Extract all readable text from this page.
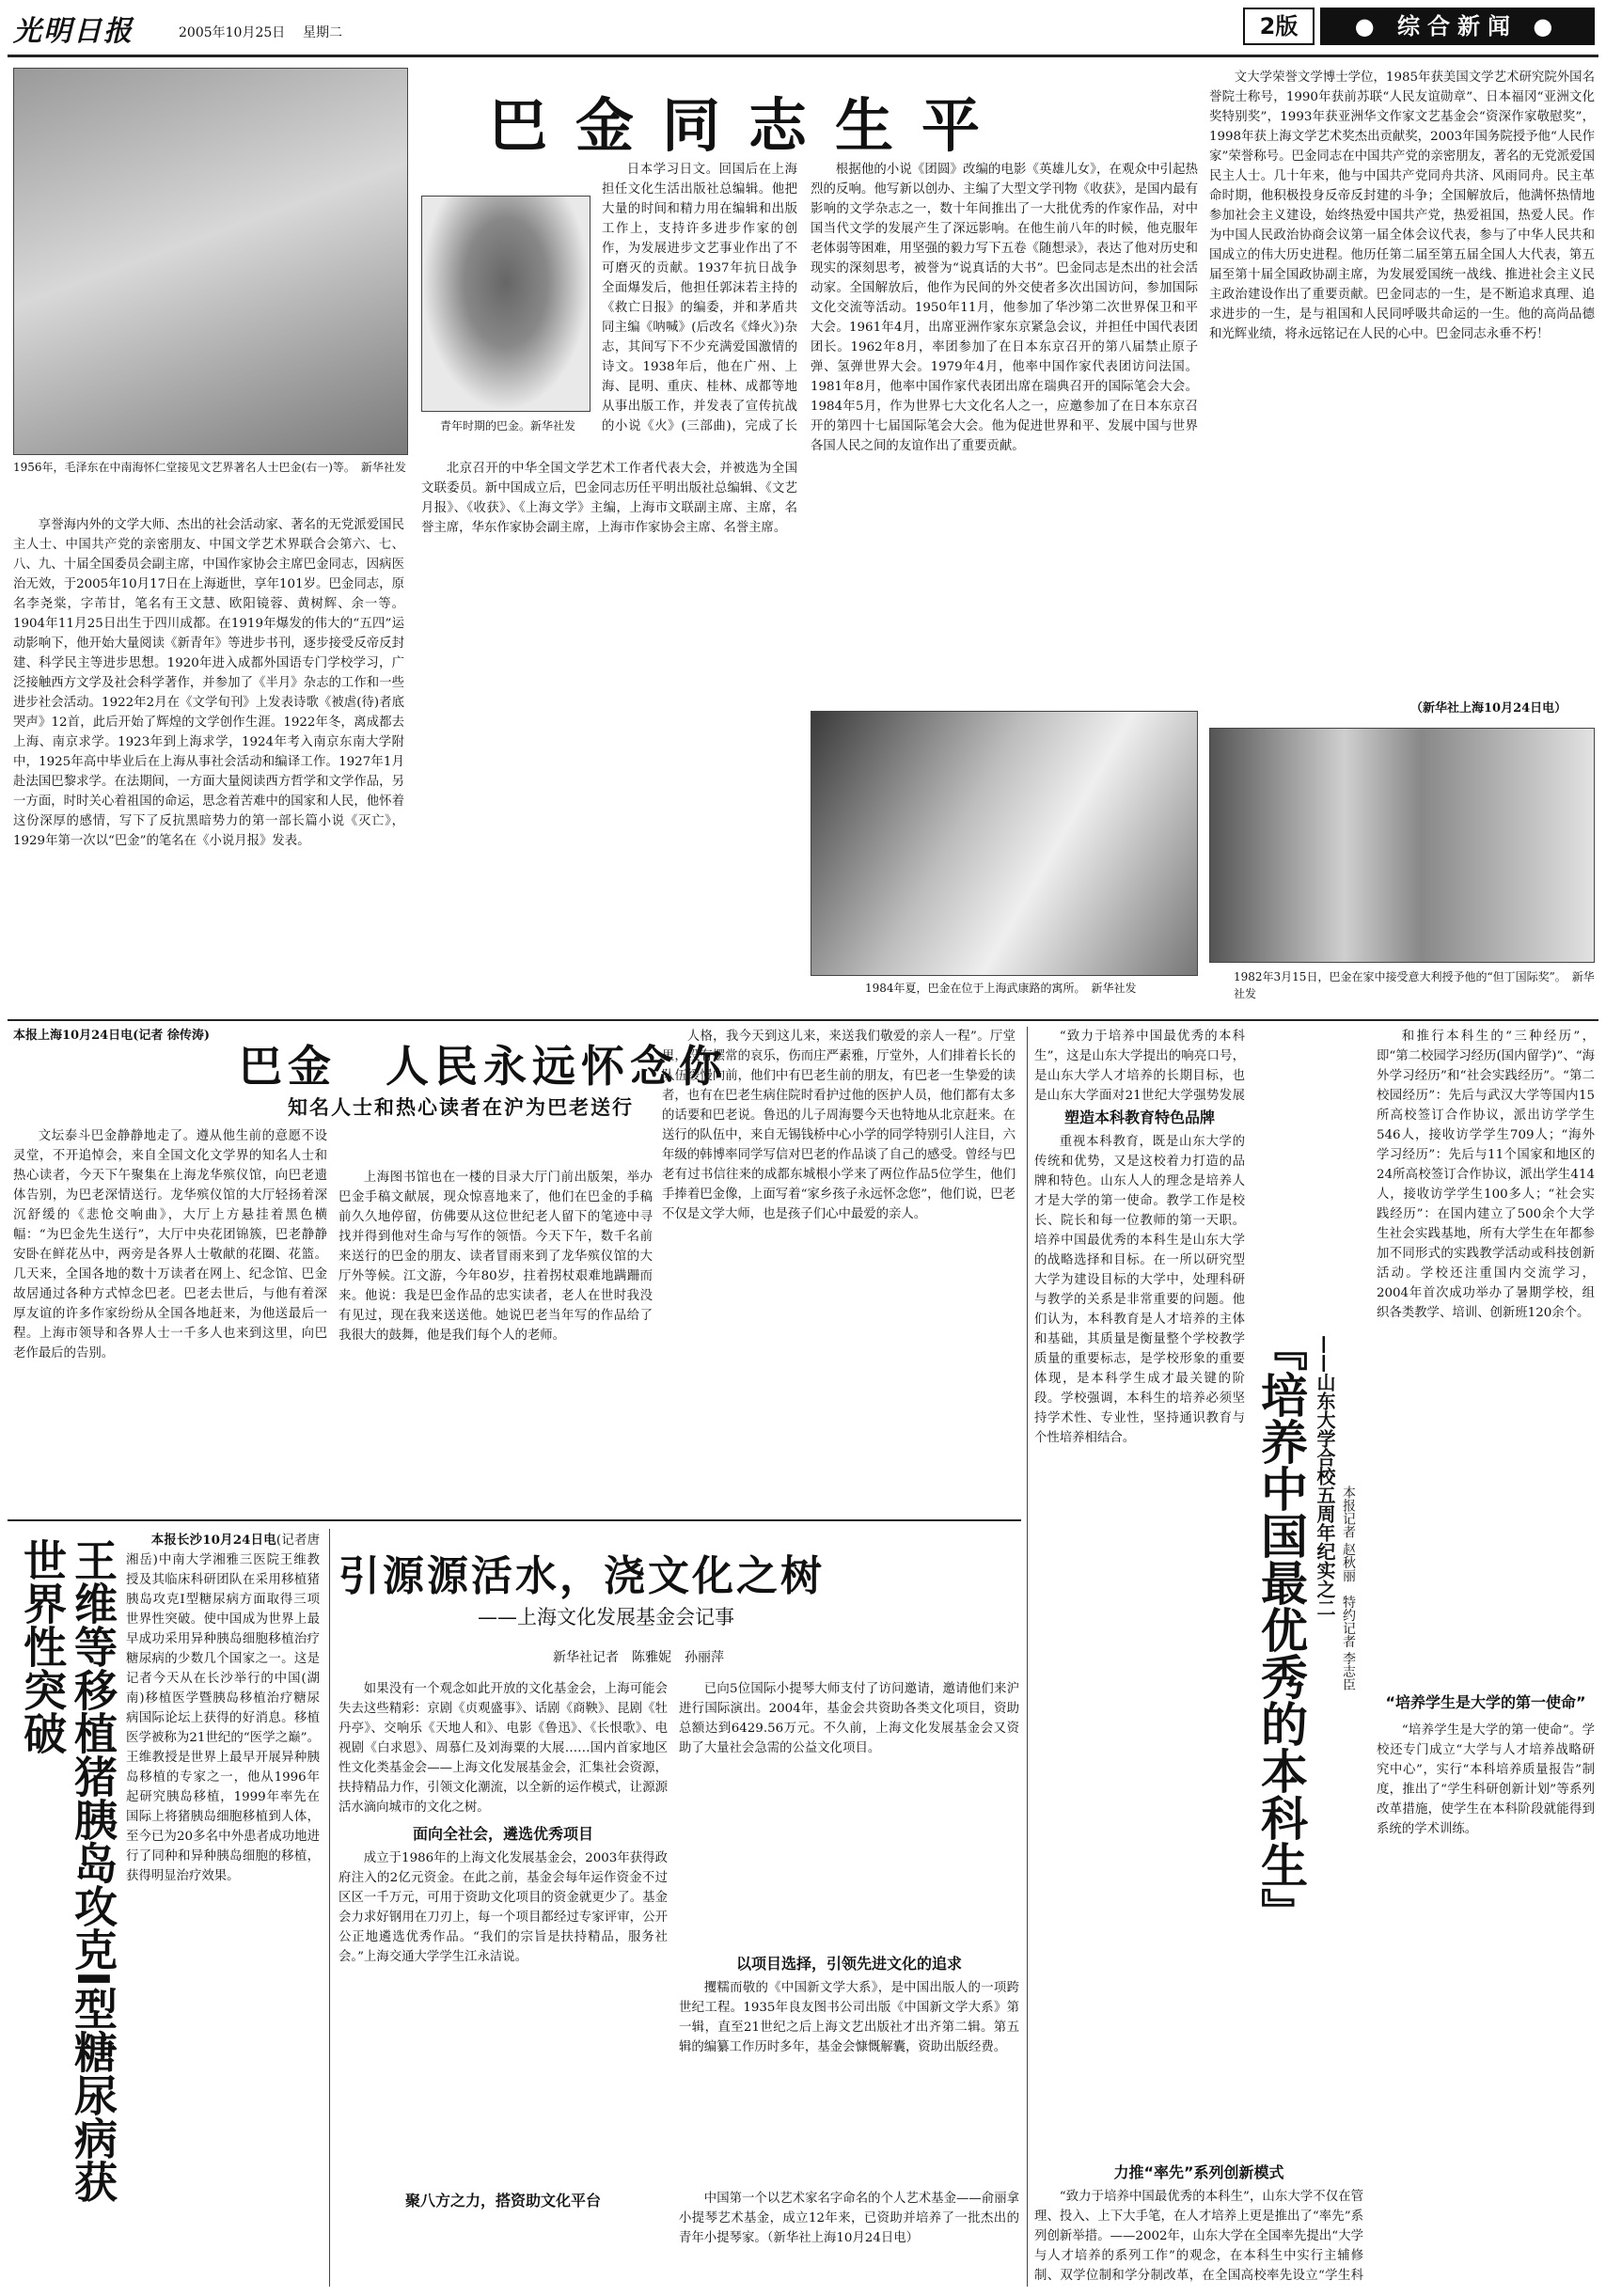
光明日报	2005年10月25日 星期二	2版	● 综合新闻 ●
1956年，毛泽东在中南海怀仁堂接见文艺界著名人士巴金(右一)等。　新华社发
巴金同志生平
青年时期的巴金。新华社发

享誉海内外的文学大师、杰出的社会活动家、著名的无党派爱国民主人士、中国共产党的亲密朋友、中国文学艺术界联合会第六、七、八、九、十届全国委员会副主席，中国作家协会主席巴金同志，因病医治无效，于2005年10月17日在上海逝世，享年101岁。巴金同志，原名李尧棠，字芾甘，笔名有王文慧、欧阳镜蓉、黄树辉、余一等。1904年11月25日出生于四川成都。在1919年爆发的伟大的“五四”运动影响下，他开始大量阅读《新青年》等进步书刊，逐步接受反帝反封建、科学民主等进步思想。1920年进入成都外国语专门学校学习，广泛接触西方文学及社会科学著作，并参加了《半月》杂志的工作和一些进步社会活动。1922年2月在《文学旬刊》上发表诗歌《被虐(待)者底哭声》12首，此后开始了辉煌的文学创作生涯。1922年冬，离成都去上海、南京求学。1923年到上海求学，1924年考入南京东南大学附中，1925年高中毕业后在上海从事社会活动和编译工作。1927年1月赴法国巴黎求学。在法期间，一方面大量阅读西方哲学和文学作品，另一方面，时时关心着祖国的命运，思念着苦难中的国家和人民，他怀着这份深厚的感情，写下了反抗黑暗势力的第一部长篇小说《灭亡》，1929年第一次以“巴金”的笔名在《小说月报》发表。

日本学习日文。回国后在上海担任文化生活出版社总编辑。他把大量的时间和精力用在编辑和出版工作上，支持许多进步作家的创作，为发展进步文艺事业作出了不可磨灭的贡献。1937年抗日战争全面爆发后，他担任郭沫若主持的《救亡日报》的编委，并和茅盾共同主编《呐喊》(后改名《烽火》)杂志，其间写下不少充满爱国激情的诗文。1938年后，他在广州、上海、昆明、重庆、桂林、成都等地从事出版工作，并发表了宣传抗战的小说《火》(三部曲)，完成了长

北京召开的中华全国文学艺术工作者代表大会，并被选为全国文联委员。新中国成立后，巴金同志历任平明出版社总编辑、《文艺月报》、《收获》、《上海文学》主编，上海市文联副主席、主席，名誉主席，华东作家协会副主席，上海市作家协会主席、名誉主席。

根据他的小说《团圆》改编的电影《英雄儿女》，在观众中引起热烈的反响。他写新以创办、主编了大型文学刊物《收获》，是国内最有影响的文学杂志之一，数十年间推出了一大批优秀的作家作品，对中国当代文学的发展产生了深远影响。在他生前八年的时候，他克服年老体弱等困难，用坚强的毅力写下五卷《随想录》，表达了他对历史和现实的深刻思考，被誉为“说真话的大书”。巴金同志是杰出的社会活动家。全国解放后，他作为民间的外交使者多次出国访问，参加国际文化交流等活动。1950年11月，他参加了华沙第二次世界保卫和平大会。1961年4月，出席亚洲作家东京紧急会议，并担任中国代表团团长。1962年8月，率团参加了在日本东京召开的第八届禁止原子弹、氢弹世界大会。1979年4月，他率中国作家代表团访问法国。1981年8月，他率中国作家代表团出席在瑞典召开的国际笔会大会。1984年5月，作为世界七大文化名人之一，应邀参加了在日本东京召开的第四十七届国际笔会大会。他为促进世界和平、发展中国与世界各国人民之间的友谊作出了重要贡献。

文大学荣誉文学博士学位，1985年获美国文学艺术研究院外国名誉院士称号，1990年获前苏联“人民友谊勋章”、日本福冈“亚洲文化奖特别奖”，1993年获亚洲华文作家文艺基金会“资深作家敬慰奖”，1998年获上海文学艺术奖杰出贡献奖，2003年国务院授予他“人民作家”荣誉称号。巴金同志在中国共产党的亲密朋友，著名的无党派爱国民主人士。几十年来，他与中国共产党同舟共济、风雨同舟。民主革命时期，他积极投身反帝反封建的斗争；全国解放后，他满怀热情地参加社会主义建设，始终热爱中国共产党，热爱祖国，热爱人民。作为中国人民政治协商会议第一届全体会议代表，参与了中华人民共和国成立的伟大历史进程。他历任第二届至第五届全国人大代表，第五届至第十届全国政协副主席，为发展爱国统一战线、推进社会主义民主政治建设作出了重要贡献。巴金同志的一生，是不断追求真理、追求进步的一生，是与祖国和人民同呼吸共命运的一生。他的高尚品德和光辉业绩，将永远铭记在人民的心中。巴金同志永垂不朽！

（新华社上海10月24日电）
1984年夏，巴金在位于上海武康路的寓所。　新华社发
1982年3月15日，巴金在家中接受意大利授予他的“但丁国际奖”。　新华社发
本报上海10月24日电(记者 徐传涛)
巴金　人民永远怀念你
知名人士和热心读者在沪为巴老送行

文坛泰斗巴金静静地走了。遵从他生前的意愿不设灵堂，不开追悼会，来自全国文化文学界的知名人士和热心读者，今天下午聚集在上海龙华殡仪馆，向巴老遗体告别，为巴老深情送行。龙华殡仪馆的大厅轻扬着深沉舒缓的《悲怆交响曲》，大厅上方悬挂着黑色横幅：“为巴金先生送行”，大厅中央花团锦簇，巴老静静安卧在鲜花丛中，两旁是各界人士敬献的花圈、花篮。几天来，全国各地的数十万读者在网上、纪念馆、巴金故居通过各种方式悼念巴老。巴老去世后，与他有着深厚友谊的许多作家纷纷从全国各地赶来，为他送最后一程。上海市领导和各界人士一千多人也来到这里，向巴老作最后的告别。

上海图书馆也在一楼的目录大厅门前出版架，举办巴金手稿文献展，现众惊喜地来了，他们在巴金的手稿前久久地停留，仿佛要从这位世纪老人留下的笔迹中寻找并得到他对生命与写作的领悟。今天下午，数千名前来送行的巴金的朋友、读者冒雨来到了龙华殡仪馆的大厅外等候。江文游，今年80岁，拄着拐杖艰难地蹒跚而来。他说：我是巴金作品的忠实读者，老人在世时我没有见过，现在我来送送他。她说巴老当年写的作品给了我很大的鼓舞，他是我们每个人的老师。

人格，我今天到这儿来，来送我们敬爱的亲人一程”。厅堂里，没有摆常的哀乐，伤而庄严素雅，厅堂外，人们排着长长的队伍缓慢向前，他们中有巴老生前的朋友，有巴老一生挚爱的读者，也有在巴老生病住院时看护过他的医护人员，他们都有太多的话要和巴老说。鲁迅的儿子周海婴今天也特地从北京赶来。在送行的队伍中，来自无锡钱桥中心小学的同学特别引人注目，六年级的韩博率同学写信对巴老的作品谈了自己的感受。曾经与巴老有过书信往来的成都东城根小学来了两位作品5位学生，他们手捧着巴金像，上面写着“家乡孩子永远怀念您”，他们说，巴老不仅是文学大师，也是孩子们心中最爱的亲人。

“致力于培养中国最优秀的本科生”，这是山东大学提出的响亮口号，是山东大学人才培养的长期目标，也是山东大学面对21世纪大学强势发展

塑造本科教育特色品牌

重视本科教育，既是山东大学的传统和优势，又是这校着力打造的品牌和特色。山东人人的理念是培养人才是大学的第一使命。教学工作是校长、院长和每一位教师的第一天职。培养中国最优秀的本科生是山东大学的战略选择和目标。在一所以研究型大学为建设目标的大学中，处理科研与教学的关系是非常重要的问题。他们认为，本科教育是人才培养的主体和基础，其质量是衡量整个学校教学质量的重要标志，是学校形象的重要体现，是本科学生成才最关键的阶段。学校强调，本科生的培养必须坚持学术性、专业性，坚持通识教育与个性培养相结合。	『培养中国最优秀的本科生』 ——山东大学合校五周年纪实之二 本报记者 赵秋丽　特约记者 李志臣

和推行本科生的“三种经历”，即“第二校园学习经历(国内留学)”、“海外学习经历”和“社会实践经历”。“第二校园经历”：先后与武汉大学等国内15所高校签订合作协议，派出访学学生546人，接收访学学生709人；“海外学习经历”：先后与11个国家和地区的24所高校签订合作协议，派出学生414人，接收访学学生100多人；“社会实践经历”：在国内建立了500余个大学生社会实践基地，所有大学生在年都参加不同形式的实践教学活动或科技创新活动。学校还注重国内交流学习，2004年首次成功举办了暑期学校，组织各类教学、培训、创新班120余个。

“培养学生是大学的第一使命”

“培养学生是大学的第一使命”。学校还专门成立“大学与人才培养战略研究中心”，实行“本科培养质量报告”制度，推出了“学生科研创新计划”等系列改革措施，使学生在本科阶段就能得到系统的学术训练。

力推“率先”系列创新模式

“致力于培养中国最优秀的本科生”，山东大学不仅在管理、投入、上下大手笔，在人才培养上更是推出了“率先”系列创新举措。——2002年，山东大学在全国率先提出“大学与人才培养的系列工作”的观念，在本科生中实行主辅修制、双学位制和学分制改革，在全国高校率先设立“学生科

王维等移植猪胰岛攻克I型糖尿病获世界性突破	本报长沙10月24日电(记者唐湘岳)中南大学湘雅三医院王维教授及其临床科研团队在采用移植猪胰岛攻克I型糖尿病方面取得三项世界性突破。使中国成为世界上最早成功采用异种胰岛细胞移植治疗糖尿病的少数几个国家之一。这是记者今天从在长沙举行的中国(湖南)移植医学暨胰岛移植治疗糖尿病国际论坛上获得的好消息。移植医学被称为21世纪的“医学之巅”。王维教授是世界上最早开展异种胰岛移植的专家之一，他从1996年起研究胰岛移植，1999年率先在国际上将猪胰岛细胞移植到人体，至今已为20多名中外患者成功地进行了同种和异种胰岛细胞的移植，获得明显治疗效果。

引源源活水，浇文化之树
——上海文化发展基金会记事
新华社记者　陈雅妮　孙丽萍

如果没有一个观念如此开放的文化基金会，上海可能会失去这些精彩：京剧《贞观盛事》、话剧《商鞅》、昆剧《牡丹亭》、交响乐《天地人和》、电影《鲁迅》、《长恨歌》、电视剧《白求恩》、周慕仁及刘海粟的大展……国内首家地区性文化类基金会——上海文化发展基金会，汇集社会资源，扶持精品力作，引领文化潮流，以全新的运作模式，让源源活水滴向城市的文化之树。

面向全社会，遴选优秀项目

成立于1986年的上海文化发展基金会，2003年获得政府注入的2亿元资金。在此之前，基金会每年运作资金不过区区一千万元，可用于资助文化项目的资金就更少了。基金会力求好钢用在刀刃上，每一个项目都经过专家评审，公开公正地遴选优秀作品。“我们的宗旨是扶持精品，服务社会。”上海交通大学学生江永洁说。

已向5位国际小提琴大师支付了访问邀请，邀请他们来沪进行国际演出。2004年，基金会共资助各类文化项目，资助总额达到6429.56万元。不久前，上海文化发展基金会又资助了大量社会急需的公益文化项目。

以项目选择，引领先进文化的追求

攫糯而敬的《中国新文学大系》，是中国出版人的一项跨世纪工程。1935年良友图书公司出版《中国新文学大系》第一辑，直至21世纪之后上海文艺出版社才出齐第二辑。第五辑的编纂工作历时多年，基金会慷慨解囊，资助出版经费。

聚八方之力，搭资助文化平台	中国第一个以艺术家名字命名的个人艺术基金——俞丽拿小提琴艺术基金，成立12年来，已资助并培养了一批杰出的青年小提琴家。（新华社上海10月24日电）
